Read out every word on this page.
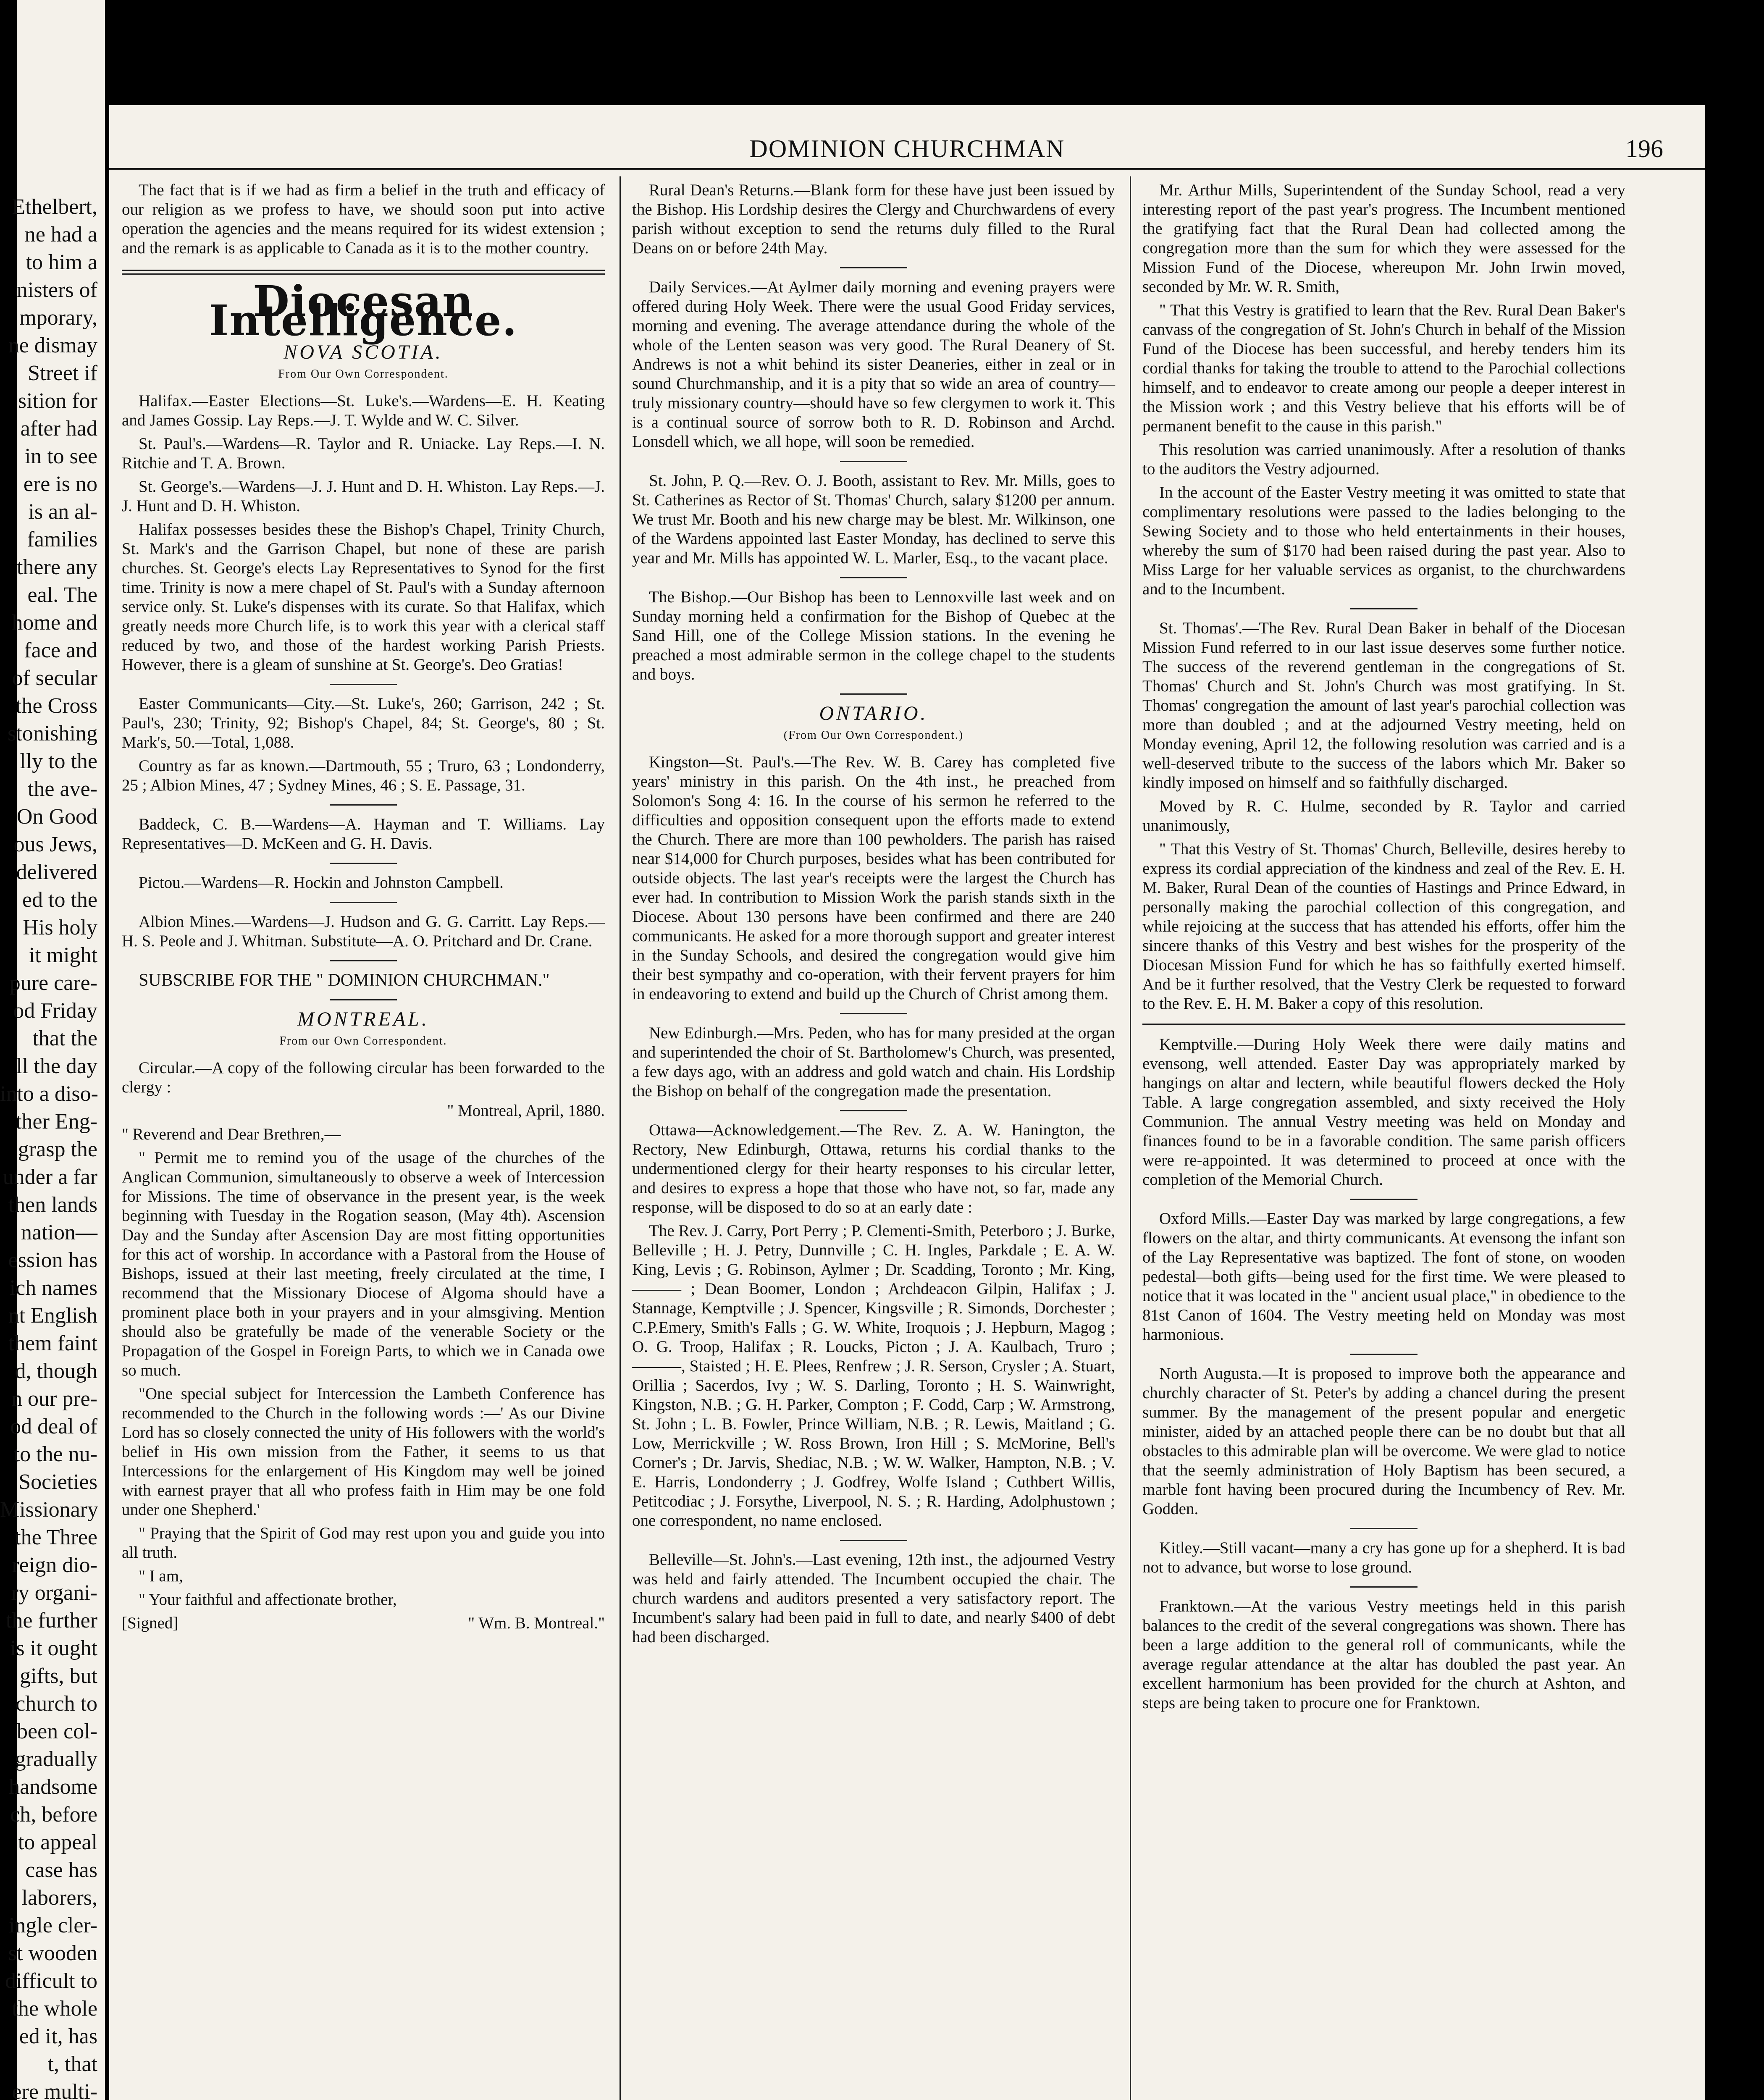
Ethelbert,
ne had a
to him a
nisters of
mporary,
ne dismay
Street if
sition for
after had
in to see
ere is no
is an al-
families
there any
eal. The
home and
face and
of secular
the Cross
stonishing
lly to the
the ave-
On Good
ous Jews,
delivered
ed to the
His holy
it might
pure care-
od Friday
that the
ll the day
into a diso-
ther Eng-
grasp the
under a far
then lands
nation—
ession has
ich names
nt English
them faint
d, though
n our pre-
od deal of
to the nu-
Societies
Missionary
the Three
reign dio-
ry organi-
the further
is it ought
gifts, but
church to
been col-
gradually
handsome
ch, before
to appeal
case has
laborers,
ingle cler-
st wooden
difficult to
the whole
ed it, has
t, that
ere multi-
DOMINION CHURCHMAN	196

The fact that is if we had as firm a belief in the truth and efficacy of our religion as we profess to have, we should soon put into active operation the agencies and the means required for its widest extension ; and the remark is as applicable to Canada as it is to the mother country.

Diocesan Intelligence.
NOVA SCOTIA.
From Our Own Correspondent.

Halifax.—Easter Elections—St. Luke's.—Wardens—E. H. Keating and James Gossip. Lay Reps.—J. T. Wylde and W. C. Silver.

St. Paul's.—Wardens—R. Taylor and R. Uniacke. Lay Reps.—I. N. Ritchie and T. A. Brown.

St. George's.—Wardens—J. J. Hunt and D. H. Whiston. Lay Reps.—J. J. Hunt and D. H. Whiston.

Halifax possesses besides these the Bishop's Chapel, Trinity Church, St. Mark's and the Garrison Chapel, but none of these are parish churches. St. George's elects Lay Representatives to Synod for the first time. Trinity is now a mere chapel of St. Paul's with a Sunday afternoon service only. St. Luke's dispenses with its curate. So that Halifax, which greatly needs more Church life, is to work this year with a clerical staff reduced by two, and those of the hardest working Parish Priests. However, there is a gleam of sunshine at St. George's. Deo Gratias!

Easter Communicants—City.—St. Luke's, 260; Garrison, 242 ; St. Paul's, 230; Trinity, 92; Bishop's Chapel, 84; St. George's, 80 ; St. Mark's, 50.—Total, 1,088.

Country as far as known.—Dartmouth, 55 ; Truro, 63 ; Londonderry, 25 ; Albion Mines, 47 ; Sydney Mines, 46 ; S. E. Passage, 31.

Baddeck, C. B.—Wardens—A. Hayman and T. Williams. Lay Representatives—D. McKeen and G. H. Davis.

Pictou.—Wardens—R. Hockin and Johnston Campbell.

Albion Mines.—Wardens—J. Hudson and G. G. Carritt. Lay Reps.—H. S. Peole and J. Whitman. Substitute—A. O. Pritchard and Dr. Crane.

SUBSCRIBE FOR THE " DOMINION CHURCHMAN."

MONTREAL.
From our Own Correspondent.

Circular.—A copy of the following circular has been forwarded to the clergy :

" Montreal, April, 1880.

" Reverend and Dear Brethren,—

" Permit me to remind you of the usage of the churches of the Anglican Communion, simultaneously to observe a week of Intercession for Missions. The time of observance in the present year, is the week beginning with Tuesday in the Rogation season, (May 4th). Ascension Day and the Sunday after Ascension Day are most fitting opportunities for this act of worship. In accordance with a Pastoral from the House of Bishops, issued at their last meeting, freely circulated at the time, I recommend that the Missionary Diocese of Algoma should have a prominent place both in your prayers and in your almsgiving. Mention should also be gratefully be made of the venerable Society or the Propagation of the Gospel in Foreign Parts, to which we in Canada owe so much.

"One special subject for Intercession the Lambeth Conference has recommended to the Church in the following words :—' As our Divine Lord has so closely connected the unity of His followers with the world's belief in His own mission from the Father, it seems to us that Intercessions for the enlargement of His Kingdom may well be joined with earnest prayer that all who profess faith in Him may be one fold under one Shepherd.'

" Praying that the Spirit of God may rest upon you and guide you into all truth.

" I am,

" Your faithful and affectionate brother,

[Signed]	" Wm. B. Montreal."

Rural Dean's Returns.—Blank form for these have just been issued by the Bishop. His Lordship desires the Clergy and Churchwardens of every parish without exception to send the returns duly filled to the Rural Deans on or before 24th May.

Daily Services.—At Aylmer daily morning and evening prayers were offered during Holy Week. There were the usual Good Friday services, morning and evening. The average attendance during the whole of the whole of the Lenten season was very good. The Rural Deanery of St. Andrews is not a whit behind its sister Deaneries, either in zeal or in sound Churchmanship, and it is a pity that so wide an area of country—truly missionary country—should have so few clergymen to work it. This is a continual source of sorrow both to R. D. Robinson and Archd. Lonsdell which, we all hope, will soon be remedied.

St. John, P. Q.—Rev. O. J. Booth, assistant to Rev. Mr. Mills, goes to St. Catherines as Rector of St. Thomas' Church, salary $1200 per annum. We trust Mr. Booth and his new charge may be blest. Mr. Wilkinson, one of the Wardens appointed last Easter Monday, has declined to serve this year and Mr. Mills has appointed W. L. Marler, Esq., to the vacant place.

The Bishop.—Our Bishop has been to Lennoxville last week and on Sunday morning held a confirmation for the Bishop of Quebec at the Sand Hill, one of the College Mission stations. In the evening he preached a most admirable sermon in the college chapel to the students and boys.

ONTARIO.
(From Our Own Correspondent.)

Kingston—St. Paul's.—The Rev. W. B. Carey has completed five years' ministry in this parish. On the 4th inst., he preached from Solomon's Song 4: 16. In the course of his sermon he referred to the difficulties and opposition consequent upon the efforts made to extend the Church. There are more than 100 pewholders. The parish has raised near $14,000 for Church purposes, besides what has been contributed for outside objects. The last year's receipts were the largest the Church has ever had. In contribution to Mission Work the parish stands sixth in the Diocese. About 130 persons have been confirmed and there are 240 communicants. He asked for a more thorough support and greater interest in the Sunday Schools, and desired the congregation would give him their best sympathy and co-operation, with their fervent prayers for him in endeavoring to extend and build up the Church of Christ among them.

New Edinburgh.—Mrs. Peden, who has for many presided at the organ and superintended the choir of St. Bartholomew's Church, was presented, a few days ago, with an address and gold watch and chain. His Lordship the Bishop on behalf of the congregation made the presentation.

Ottawa—Acknowledgement.—The Rev. Z. A. W. Hanington, the Rectory, New Edinburgh, Ottawa, returns his cordial thanks to the undermentioned clergy for their hearty responses to his circular letter, and desires to express a hope that those who have not, so far, made any response, will be disposed to do so at an early date :

The Rev. J. Carry, Port Perry ; P. Clementi-Smith, Peterboro ; J. Burke, Belleville ; H. J. Petry, Dunnville ; C. H. Ingles, Parkdale ; E. A. W. King, Levis ; G. Robinson, Aylmer ; Dr. Scadding, Toronto ; Mr. King, ——— ; Dean Boomer, London ; Archdeacon Gilpin, Halifax ; J. Stannage, Kemptville ; J. Spencer, Kingsville ; R. Simonds, Dorchester ; C.P.Emery, Smith's Falls ; G. W. White, Iroquois ; J. Hepburn, Magog ; O. G. Troop, Halifax ; R. Loucks, Picton ; J. A. Kaulbach, Truro ; ———, Staisted ; H. E. Plees, Renfrew ; J. R. Serson, Crysler ; A. Stuart, Orillia ; Sacerdos, Ivy ; W. S. Darling, Toronto ; H. S. Wainwright, Kingston, N.B. ; G. H. Parker, Compton ; F. Codd, Carp ; W. Armstrong, St. John ; L. B. Fowler, Prince William, N.B. ; R. Lewis, Maitland ; G. Low, Merrickville ; W. Ross Brown, Iron Hill ; S. McMorine, Bell's Corner's ; Dr. Jarvis, Shediac, N.B. ; W. W. Walker, Hampton, N.B. ; V. E. Harris, Londonderry ; J. Godfrey, Wolfe Island ; Cuthbert Willis, Petitcodiac ; J. Forsythe, Liverpool, N. S. ; R. Harding, Adolphustown ; one correspondent, no name enclosed.

Belleville—St. John's.—Last evening, 12th inst., the adjourned Vestry was held and fairly attended. The Incumbent occupied the chair. The church wardens and auditors presented a very satisfactory report. The Incumbent's salary had been paid in full to date, and nearly $400 of debt had been discharged.

Mr. Arthur Mills, Superintendent of the Sunday School, read a very interesting report of the past year's progress. The Incumbent mentioned the gratifying fact that the Rural Dean had collected among the congregation more than the sum for which they were assessed for the Mission Fund of the Diocese, whereupon Mr. John Irwin moved, seconded by Mr. W. R. Smith,

" That this Vestry is gratified to learn that the Rev. Rural Dean Baker's canvass of the congregation of St. John's Church in behalf of the Mission Fund of the Diocese has been successful, and hereby tenders him its cordial thanks for taking the trouble to attend to the Parochial collections himself, and to endeavor to create among our people a deeper interest in the Mission work ; and this Vestry believe that his efforts will be of permanent benefit to the cause in this parish."

This resolution was carried unanimously. After a resolution of thanks to the auditors the Vestry adjourned.

In the account of the Easter Vestry meeting it was omitted to state that complimentary resolutions were passed to the ladies belonging to the Sewing Society and to those who held entertainments in their houses, whereby the sum of $170 had been raised during the past year. Also to Miss Large for her valuable services as organist, to the churchwardens and to the Incumbent.

St. Thomas'.—The Rev. Rural Dean Baker in behalf of the Diocesan Mission Fund referred to in our last issue deserves some further notice. The success of the reverend gentleman in the congregations of St. Thomas' Church and St. John's Church was most gratifying. In St. Thomas' congregation the amount of last year's parochial collection was more than doubled ; and at the adjourned Vestry meeting, held on Monday evening, April 12, the following resolution was carried and is a well-deserved tribute to the success of the labors which Mr. Baker so kindly imposed on himself and so faithfully discharged.

Moved by R. C. Hulme, seconded by R. Taylor and carried unanimously,

" That this Vestry of St. Thomas' Church, Belleville, desires hereby to express its cordial appreciation of the kindness and zeal of the Rev. E. H. M. Baker, Rural Dean of the counties of Hastings and Prince Edward, in personally making the parochial collection of this congregation, and while rejoicing at the success that has attended his efforts, offer him the sincere thanks of this Vestry and best wishes for the prosperity of the Diocesan Mission Fund for which he has so faithfully exerted himself. And be it further resolved, that the Vestry Clerk be requested to forward to the Rev. E. H. M. Baker a copy of this resolution.

Kemptville.—During Holy Week there were daily matins and evensong, well attended. Easter Day was appropriately marked by hangings on altar and lectern, while beautiful flowers decked the Holy Table. A large congregation assembled, and sixty received the Holy Communion. The annual Vestry meeting was held on Monday and finances found to be in a favorable condition. The same parish officers were re-appointed. It was determined to proceed at once with the completion of the Memorial Church.

Oxford Mills.—Easter Day was marked by large congregations, a few flowers on the altar, and thirty communicants. At evensong the infant son of the Lay Representative was baptized. The font of stone, on wooden pedestal—both gifts—being used for the first time. We were pleased to notice that it was located in the " ancient usual place," in obedience to the 81st Canon of 1604. The Vestry meeting held on Monday was most harmonious.

North Augusta.—It is proposed to improve both the appearance and churchly character of St. Peter's by adding a chancel during the present summer. By the management of the present popular and energetic minister, aided by an attached people there can be no doubt but that all obstacles to this admirable plan will be overcome. We were glad to notice that the seemly administration of Holy Baptism has been secured, a marble font having been procured during the Incumbency of Rev. Mr. Godden.

Kitley.—Still vacant—many a cry has gone up for a shepherd. It is bad not to advance, but worse to lose ground.

Franktown.—At the various Vestry meetings held in this parish balances to the credit of the several congregations was shown. There has been a large addition to the general roll of communicants, while the average regular attendance at the altar has doubled the past year. An excellent harmonium has been provided for the church at Ashton, and steps are being taken to procure one for Franktown.
